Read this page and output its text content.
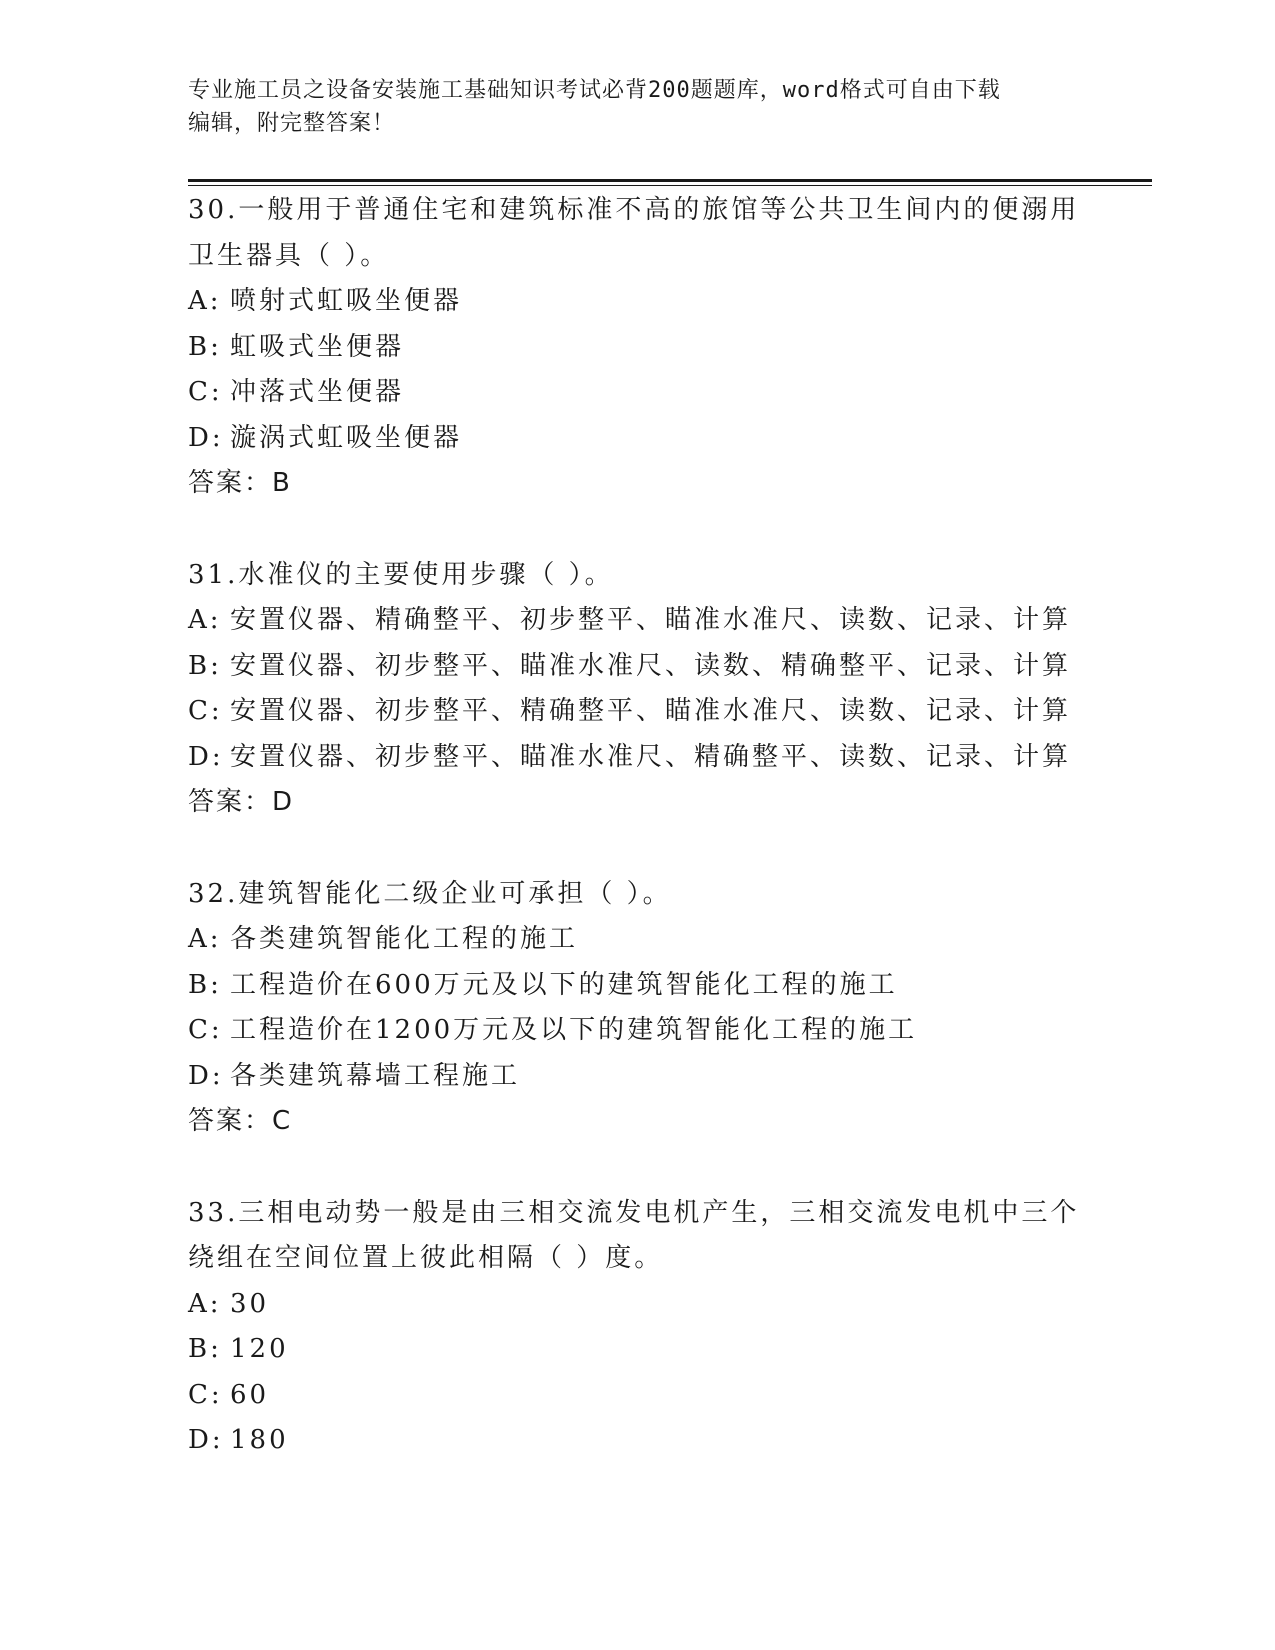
专业施工员之设备安装施工基础知识考试必背200题题库，word格式可自由下载
编辑，附完整答案！
30.一般用于普通住宅和建筑标准不高的旅馆等公共卫生间内的便溺用
卫生器具（ ）。
A: 喷射式虹吸坐便器
B: 虹吸式坐便器
C: 冲落式坐便器
D: 漩涡式虹吸坐便器
答案：B
31.水准仪的主要使用步骤（ ）。
A: 安置仪器、精确整平、初步整平、瞄准水准尺、读数、记录、计算
B: 安置仪器、初步整平、瞄准水准尺、读数、精确整平、记录、计算
C: 安置仪器、初步整平、精确整平、瞄准水准尺、读数、记录、计算
D: 安置仪器、初步整平、瞄准水准尺、精确整平、读数、记录、计算
答案：D
32.建筑智能化二级企业可承担（ ）。
A: 各类建筑智能化工程的施工
B: 工程造价在600万元及以下的建筑智能化工程的施工
C: 工程造价在1200万元及以下的建筑智能化工程的施工
D: 各类建筑幕墙工程施工
答案：C
33.三相电动势一般是由三相交流发电机产生，三相交流发电机中三个
绕组在空间位置上彼此相隔（ ）度。
A: 30
B: 120
C: 60
D: 180
